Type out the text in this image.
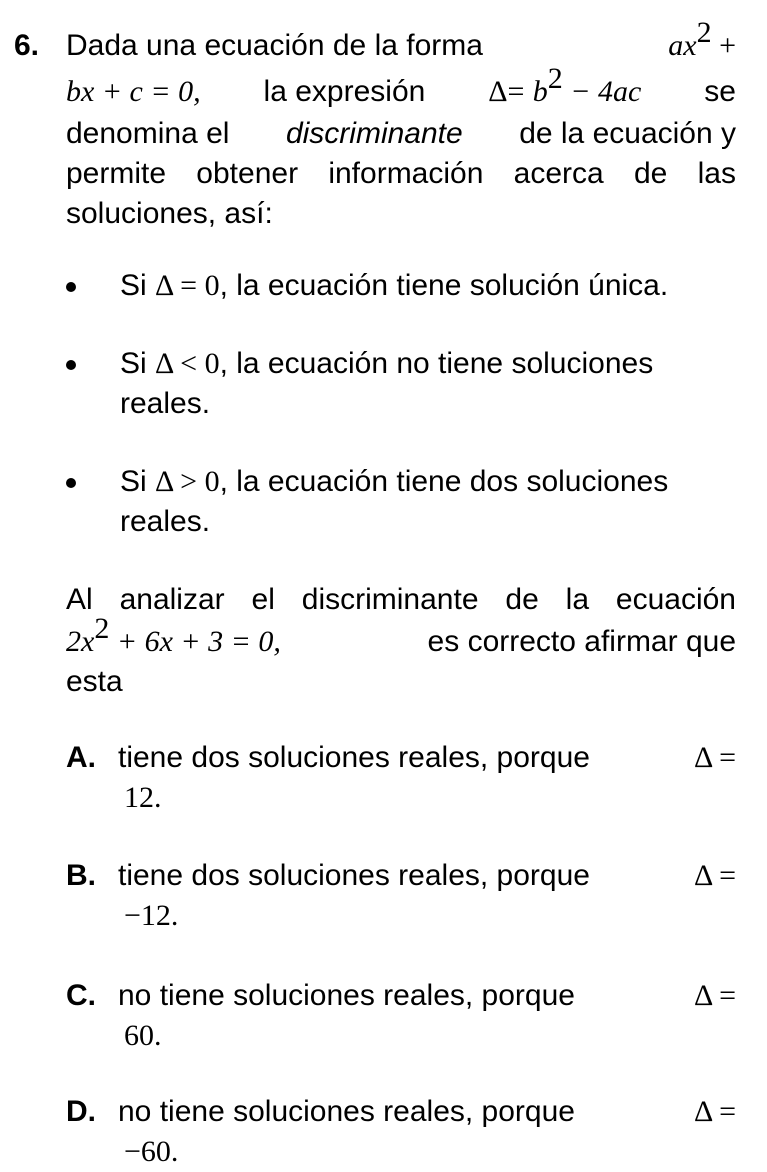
6. Dada una ecuación de la forma	$ax^2$ +
bx + c = 0, la expresión $\Delta= b^2 - 4ac$ se
denomina el discriminante de la ecuación y
permite obtener información acerca de las
soluciones, así:
Si Δ = 0, la ecuación tiene solución única.
Si Δ < 0, la ecuación no tiene soluciones
reales.
Si Δ > 0, la ecuación tiene dos soluciones
reales.
Al analizar el discriminante de la ecuación
$2x^2 + 6x + 3 = 0$,	es correcto afirmar que
esta
A. tiene dos soluciones reales, porque	Δ =
12.
B. tiene dos soluciones reales, porque	Δ =
−12.
C. no tiene soluciones reales, porque	Δ =
60.
D. no tiene soluciones reales, porque	Δ =
−60.
